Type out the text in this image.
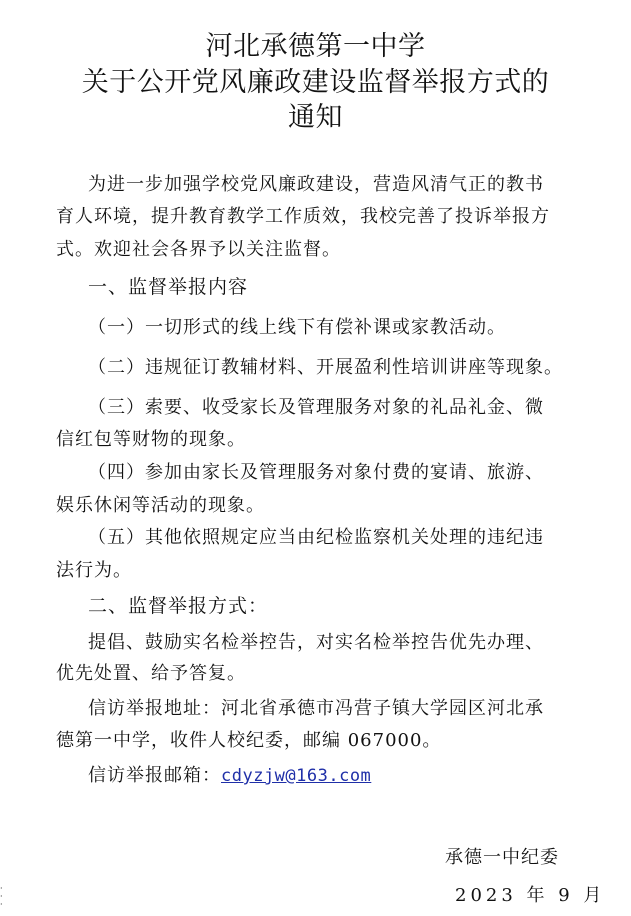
河北承德第一中学
关于公开党风廉政建设监督举报方式的
通知
为进一步加强学校党风廉政建设，营造风清气正的教书
育人环境，提升教育教学工作质效，我校完善了投诉举报方
式。欢迎社会各界予以关注监督。
一、监督举报内容
（一）一切形式的线上线下有偿补课或家教活动。
（二）违规征订教辅材料、开展盈利性培训讲座等现象。
（三）索要、收受家长及管理服务对象的礼品礼金、微
信红包等财物的现象。
（四）参加由家长及管理服务对象付费的宴请、旅游、
娱乐休闲等活动的现象。
（五）其他依照规定应当由纪检监察机关处理的违纪违
法行为。
二、监督举报方式：
提倡、鼓励实名检举控告，对实名检举控告优先办理、
优先处置、给予答复。
信访举报地址：河北省承德市冯营子镇大学园区河北承
德第一中学，收件人校纪委，邮编 067000。
信访举报邮箱：cdyzjw@163.com
承德一中纪委
2023 年 9 月
·
·
·
